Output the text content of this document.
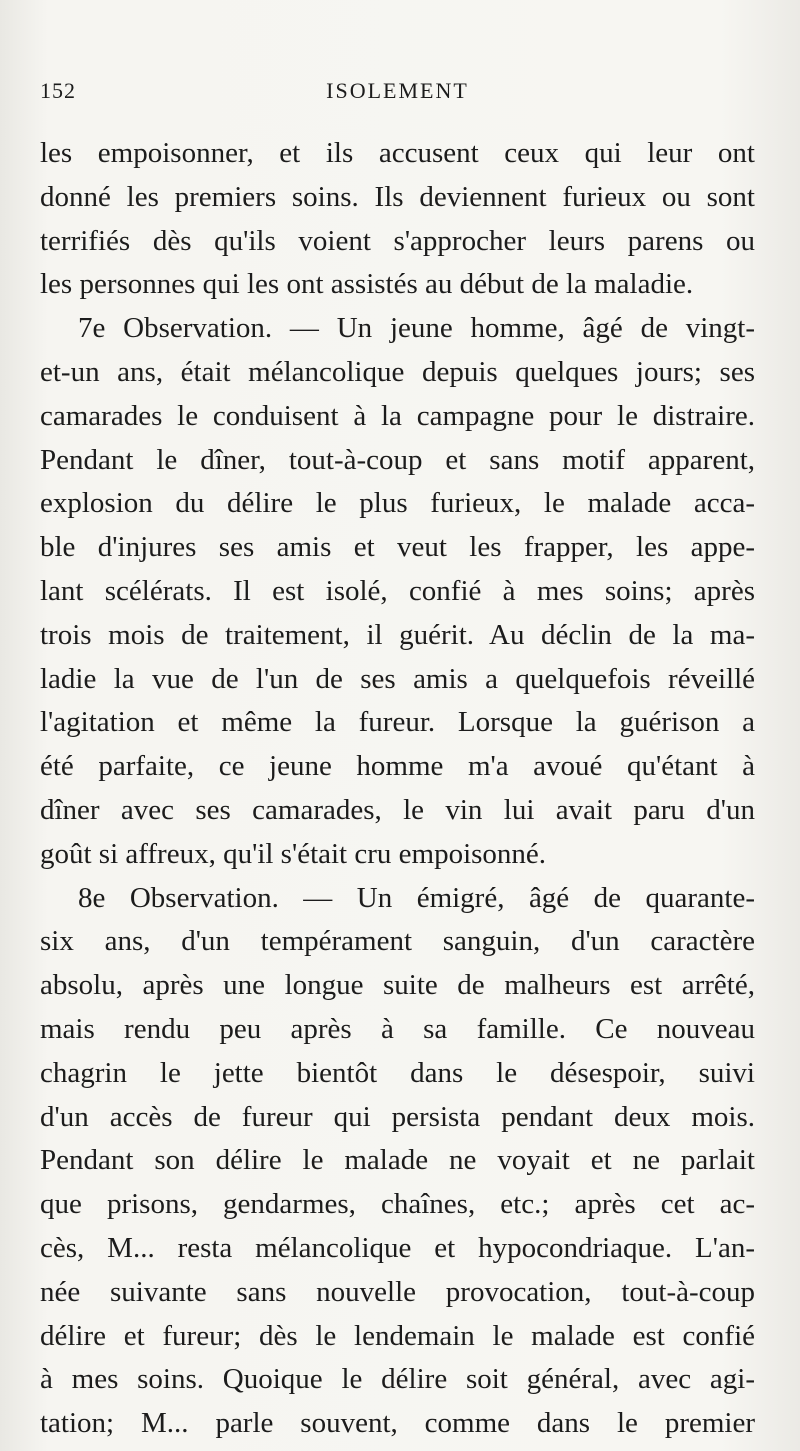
152	ISOLEMENT
les empoisonner, et ils accusent ceux qui leur ont
donné les premiers soins. Ils deviennent furieux ou sont
terrifiés dès qu'ils voient s'approcher leurs parens ou
les personnes qui les ont assistés au début de la maladie.
7e Observation. — Un jeune homme, âgé de vingt-
et-un ans, était mélancolique depuis quelques jours; ses
camarades le conduisent à la campagne pour le distraire.
Pendant le dîner, tout-à-coup et sans motif apparent,
explosion du délire le plus furieux, le malade acca-
ble d'injures ses amis et veut les frapper, les appe-
lant scélérats. Il est isolé, confié à mes soins; après
trois mois de traitement, il guérit. Au déclin de la ma-
ladie la vue de l'un de ses amis a quelquefois réveillé
l'agitation et même la fureur. Lorsque la guérison a
été parfaite, ce jeune homme m'a avoué qu'étant à
dîner avec ses camarades, le vin lui avait paru d'un
goût si affreux, qu'il s'était cru empoisonné.
8e Observation. — Un émigré, âgé de quarante-
six ans, d'un tempérament sanguin, d'un caractère
absolu, après une longue suite de malheurs est arrêté,
mais rendu peu après à sa famille. Ce nouveau
chagrin le jette bientôt dans le désespoir, suivi
d'un accès de fureur qui persista pendant deux mois.
Pendant son délire le malade ne voyait et ne parlait
que prisons, gendarmes, chaînes, etc.; après cet ac-
cès, M... resta mélancolique et hypocondriaque. L'an-
née suivante sans nouvelle provocation, tout-à-coup
délire et fureur; dès le lendemain le malade est confié
à mes soins. Quoique le délire soit général, avec agi-
tation; M... parle souvent, comme dans le premier
